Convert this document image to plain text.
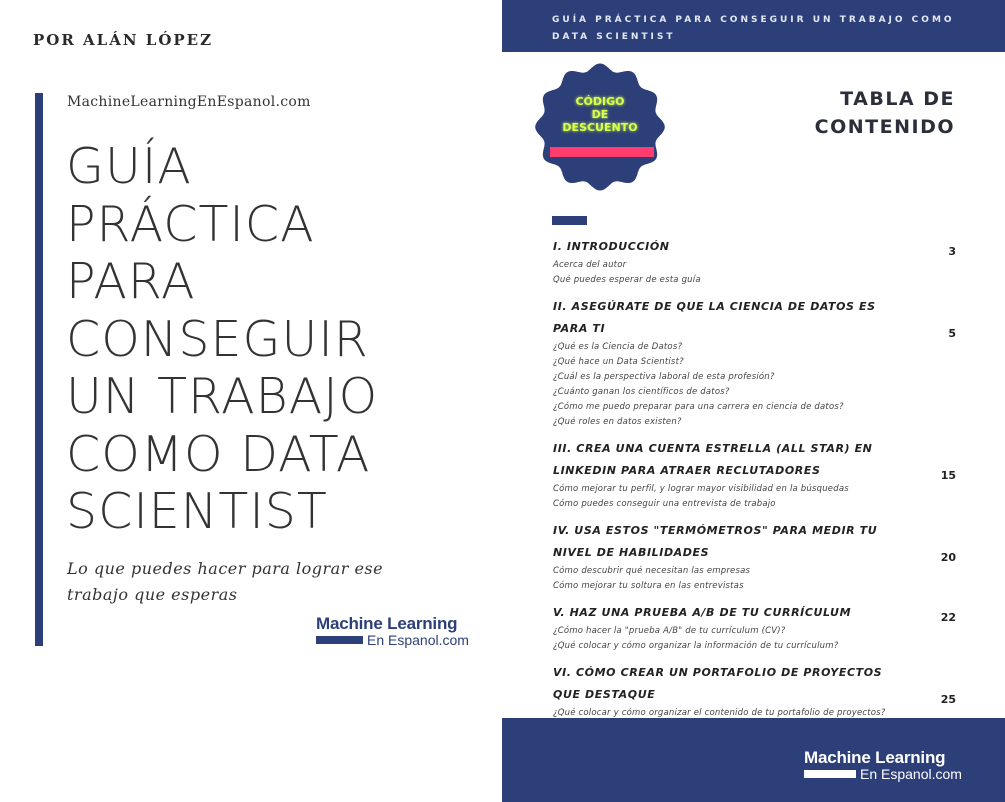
POR ALÁN LÓPEZ
MachineLearningEnEspanol.com
GUÍA
PRÁCTICA
PARA
CONSEGUIR
UN TRABAJO
COMO DATA
SCIENTIST
Lo que puedes hacer para lograr ese
trabajo que esperas
Machine Learning
En Espanol.com
GUÍA PRÁCTICA PARA CONSEGUIR UN TRABAJO COMO DATA SCIENTIST
CÓDIGO
DE
DESCUENTO
TABLA DE
CONTENIDO
I. INTRODUCCIÓN	3
Acerca del autor
Qué puedes esperar de esta guía
II. ASEGÚRATE DE QUE LA CIENCIA DE DATOS ES PARA TI	5
¿Qué es la Ciencia de Datos?
¿Qué hace un Data Scientist?
¿Cuál es la perspectiva laboral de esta profesión?
¿Cuánto ganan los científicos de datos?
¿Cómo me puedo preparar para una carrera en ciencia de datos?
¿Qué roles en datos existen?
III. CREA UNA CUENTA ESTRELLA (ALL STAR) EN LINKEDIN PARA ATRAER RECLUTADORES	15
Cómo mejorar tu perfil, y lograr mayor visibilidad en la búsquedas
Cómo puedes conseguir una entrevista de trabajo
IV. USA ESTOS "TERMÓMETROS" PARA MEDIR TU NIVEL DE HABILIDADES	20
Cómo descubrir qué necesitan las empresas
Cómo mejorar tu soltura en las entrevistas
V. HAZ UNA PRUEBA A/B DE TU CURRÍCULUM	22
¿Cómo hacer la "prueba A/B" de tu currículum (CV)?
¿Qué colocar y cómo organizar la información de tu currículum?
VI. CÓMO CREAR UN PORTAFOLIO DE PROYECTOS QUE DESTAQUE	25
¿Qué colocar y cómo organizar el contenido de tu portafolio de proyectos?
Machine Learning
En Espanol.com
